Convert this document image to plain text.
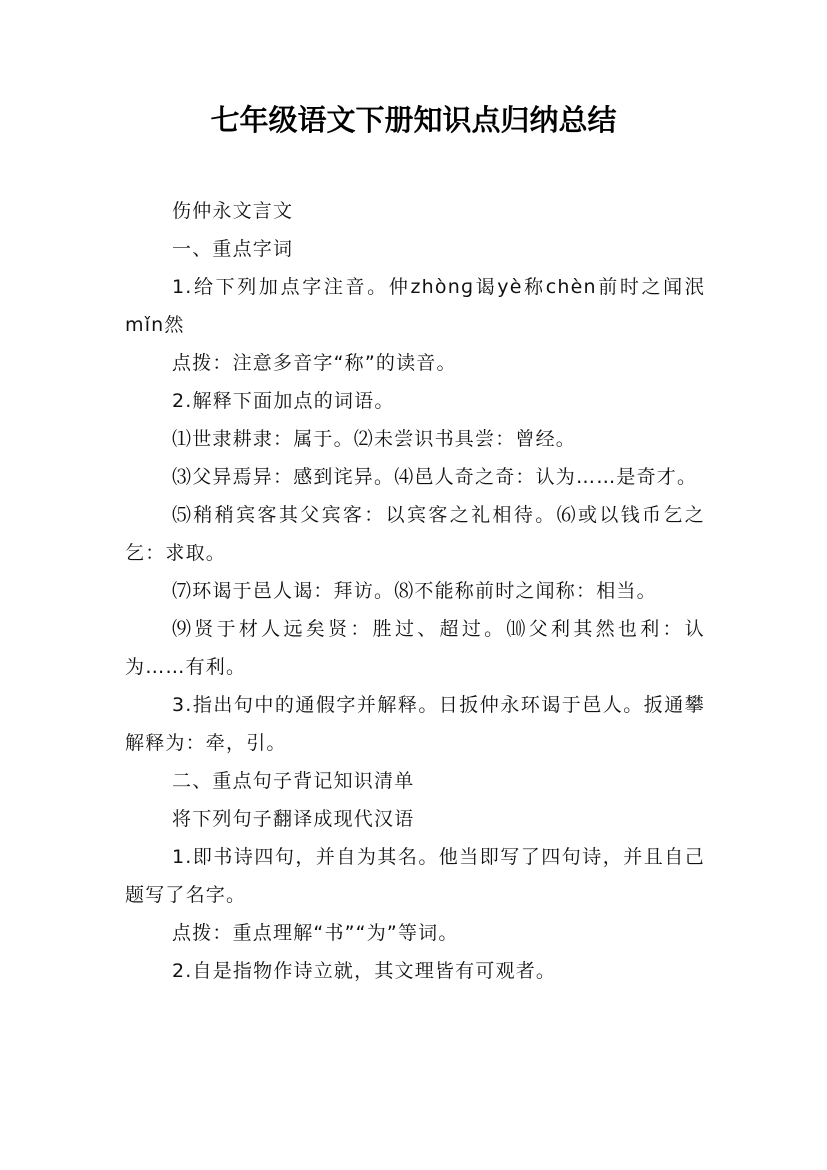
七年级语文下册知识点归纳总结

伤仲永文言文

一、重点字词

1.给下列加点字注音。仲zhònɡ谒yè称chèn前时之闻泯mǐn然

点拨：注意多音字“称”的读音。

2.解释下面加点的词语。

⑴世隶耕隶：属于。⑵未尝识书具尝：曾经。

⑶父异焉异：感到诧异。⑷邑人奇之奇：认为……是奇才。

⑸稍稍宾客其父宾客：以宾客之礼相待。⑹或以钱币乞之乞：求取。

⑺环谒于邑人谒：拜访。⑻不能称前时之闻称：相当。

⑼贤于材人远矣贤：胜过、超过。⑽父利其然也利：认为……有利。

3.指出句中的通假字并解释。日扳仲永环谒于邑人。扳通攀解释为：牵，引。

二、重点句子背记知识清单

将下列句子翻译成现代汉语

1.即书诗四句，并自为其名。他当即写了四句诗，并且自己题写了名字。

点拨：重点理解“书”“为”等词。

2.自是指物作诗立就，其文理皆有可观者。
